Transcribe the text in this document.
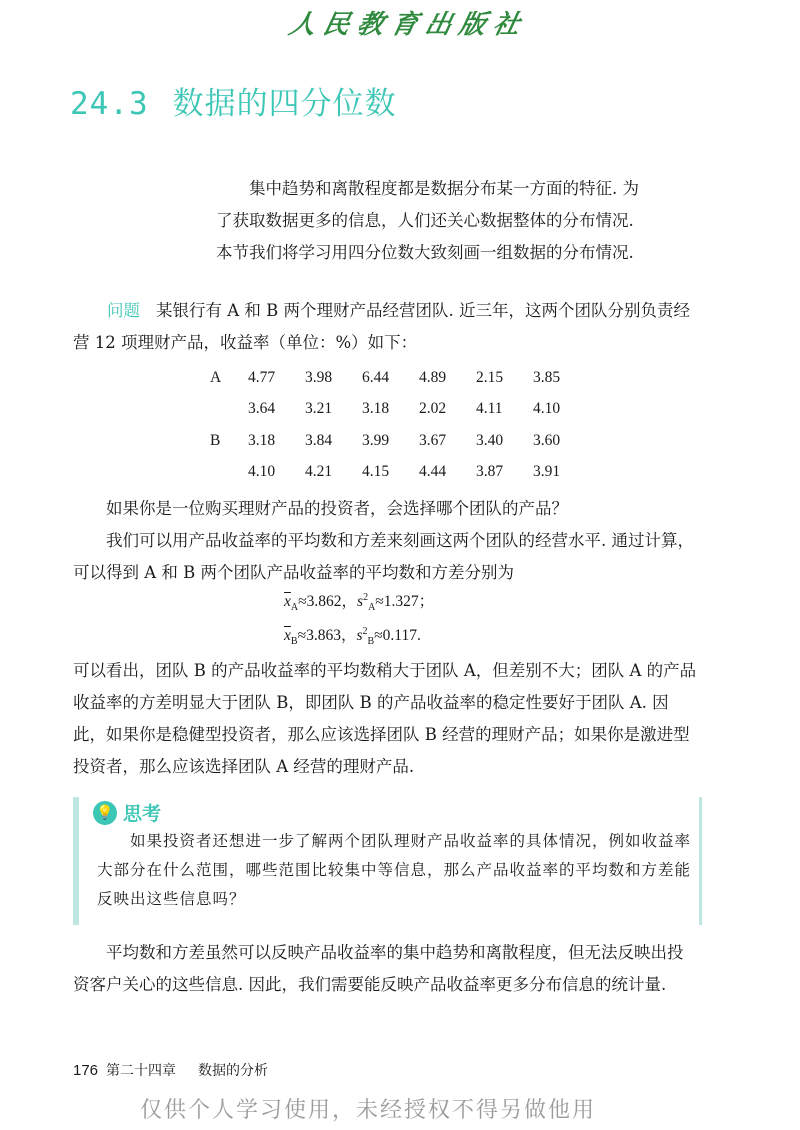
人民教育出版社
24.3 数据的四分位数

集中趋势和离散程度都是数据分布某一方面的特征. 为

了获取数据更多的信息，人们还关心数据整体的分布情况.

本节我们将学习用四分位数大致刻画一组数据的分布情况.

问题 某银行有 A 和 B 两个理财产品经营团队. 近三年，这两个团队分别负责经营 12 项理财产品，收益率（单位：%）如下：
A	4.77	3.98	6.44	4.89	2.15	3.85
	3.64	3.21	3.18	2.02	4.11	4.10
B	3.18	3.84	3.99	3.67	3.40	3.60
	4.10	4.21	4.15	4.44	3.87	3.91

如果你是一位购买理财产品的投资者，会选择哪个团队的产品？

我们可以用产品收益率的平均数和方差来刻画这两个团队的经营水平. 通过计算，可以得到 A 和 B 两个团队产品收益率的平均数和方差分别为

$\overline{x}_A\approx 3.862$，$s^2_A\approx 1.327$；
$\overline{x}_B\approx 3.863$，$s^2_B\approx 0.117$.

可以看出，团队 B 的产品收益率的平均数稍大于团队 A，但差别不大；团队 A 的产品收益率的方差明显大于团队 B，即团队 B 的产品收益率的稳定性要好于团队 A. 因此，如果你是稳健型投资者，那么应该选择团队 B 经营的理财产品；如果你是激进型投资者，那么应该选择团队 A 经营的理财产品.

💡 思考

如果投资者还想进一步了解两个团队理财产品收益率的具体情况，例如收益率大部分在什么范围，哪些范围比较集中等信息，那么产品收益率的平均数和方差能反映出这些信息吗？

平均数和方差虽然可以反映产品收益率的集中趋势和离散程度，但无法反映出投资客户关心的这些信息. 因此，我们需要能反映产品收益率更多分布信息的统计量.

176 第二十四章 数据的分析
仅供个人学习使用，未经授权不得另做他用
